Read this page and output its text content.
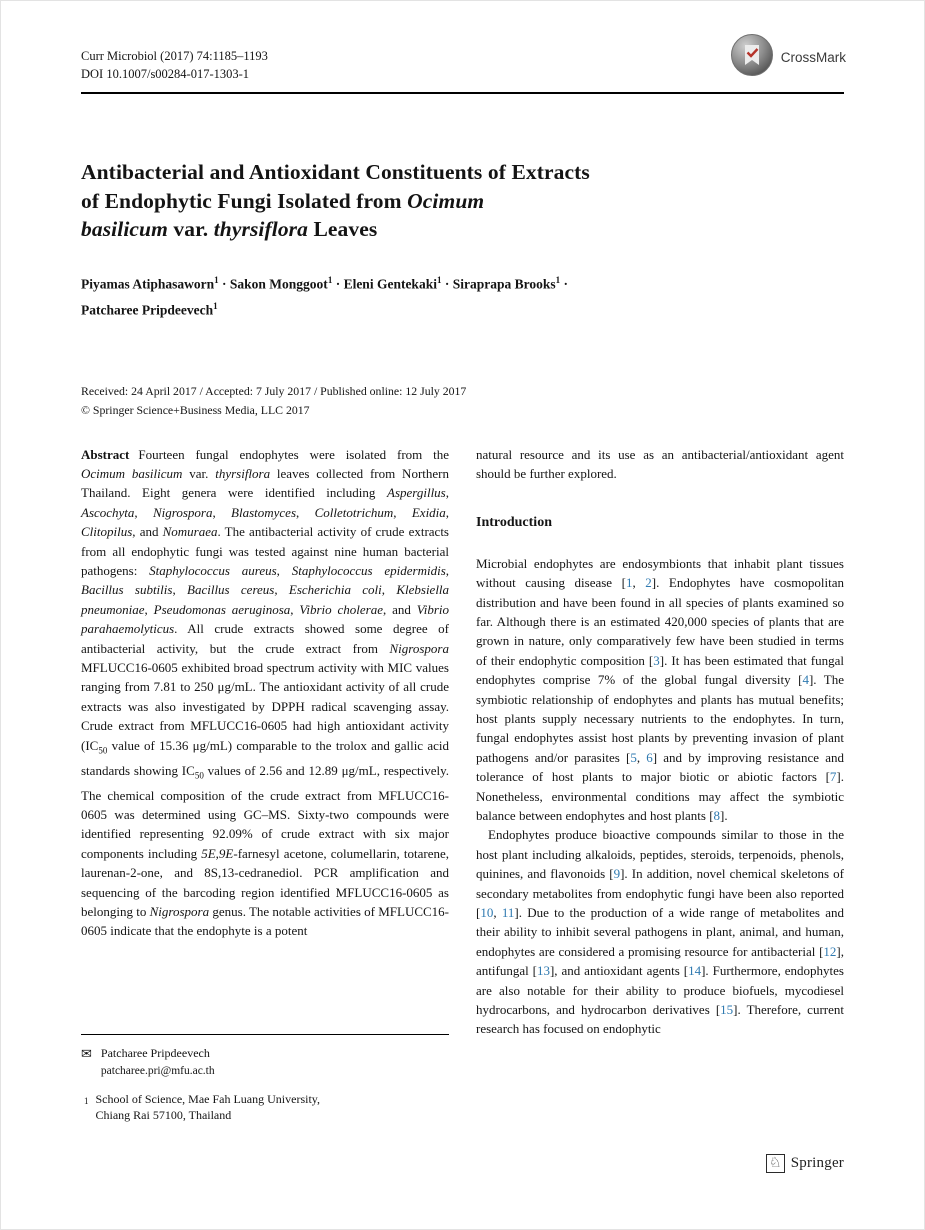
Curr Microbiol (2017) 74:1185–1193
DOI 10.1007/s00284-017-1303-1
CrossMark
Antibacterial and Antioxidant Constituents of Extracts
of Endophytic Fungi Isolated from Ocimum
basilicum var. thyrsiflora Leaves
Piyamas Atiphasaworn$^1$ · Sakon Monggoot$^1$ · Eleni Gentekaki$^1$ · Siraprapa Brooks$^1$ ·
Patcharee Pripdeevech$^1$
Received: 24 April 2017 / Accepted: 7 July 2017 / Published online: 12 July 2017
© Springer Science+Business Media, LLC 2017

Abstract Fourteen fungal endophytes were isolated from the Ocimum basilicum var. thyrsiflora leaves collected from Northern Thailand. Eight genera were identified including Aspergillus, Ascochyta, Nigrospora, Blastomyces, Colletotrichum, Exidia, Clitopilus, and Nomuraea. The antibacterial activity of crude extracts from all endophytic fungi was tested against nine human bacterial pathogens: Staphylococcus aureus, Staphylococcus epidermidis, Bacillus subtilis, Bacillus cereus, Escherichia coli, Klebsiella pneumoniae, Pseudomonas aeruginosa, Vibrio cholerae, and Vibrio parahaemolyticus. All crude extracts showed some degree of antibacterial activity, but the crude extract from Nigrospora MFLUCC16-0605 exhibited broad spectrum activity with MIC values ranging from 7.81 to 250 μg/mL. The antioxidant activity of all crude extracts was also investigated by DPPH radical scavenging assay. Crude extract from MFLUCC16-0605 had high antioxidant activity ($IC_{50}$ value of 15.36 μg/mL) comparable to the trolox and gallic acid standards showing $IC_{50}$ values of 2.56 and 12.89 μg/mL, respectively. The chemical composition of the crude extract from MFLUCC16-0605 was determined using GC–MS. Sixty-two compounds were identified representing 92.09% of crude extract with six major components including 5E,9E-farnesyl acetone, columellarin, totarene, laurenan-2-one, and 8S,13-cedranediol. PCR amplification and sequencing of the barcoding region identified MFLUCC16-0605 as belonging to Nigrospora genus. The notable activities of MFLUCC16-0605 indicate that the endophyte is a potent

✉ Patcharee Pripdeevech
patcharee.pri@mfu.ac.th
1 School of Science, Mae Fah Luang University,
Chiang Rai 57100, Thailand

natural resource and its use as an antibacterial/antioxidant agent should be further explored.

Introduction

Microbial endophytes are endosymbionts that inhabit plant tissues without causing disease [1, 2]. Endophytes have cosmopolitan distribution and have been found in all species of plants examined so far. Although there is an estimated 420,000 species of plants that are grown in nature, only comparatively few have been studied in terms of their endophytic composition [3]. It has been estimated that fungal endophytes comprise 7% of the global fungal diversity [4]. The symbiotic relationship of endophytes and plants has mutual benefits; host plants supply necessary nutrients to the endophytes. In turn, fungal endophytes assist host plants by preventing invasion of plant pathogens and/or parasites [5, 6] and by improving resistance and tolerance of host plants to major biotic or abiotic factors [7]. Nonetheless, environmental conditions may affect the symbiotic balance between endophytes and host plants [8].

Endophytes produce bioactive compounds similar to those in the host plant including alkaloids, peptides, steroids, terpenoids, phenols, quinines, and flavonoids [9]. In addition, novel chemical skeletons of secondary metabolites from endophytic fungi have been also reported [10, 11]. Due to the production of a wide range of metabolites and their ability to inhibit several pathogens in plant, animal, and human, endophytes are considered a promising resource for antibacterial [12], antifungal [13], and antioxidant agents [14]. Furthermore, endophytes are also notable for their ability to produce biofuels, mycodiesel hydrocarbons, and hydrocarbon derivatives [15]. Therefore, current research has focused on endophytic

♘ Springer
